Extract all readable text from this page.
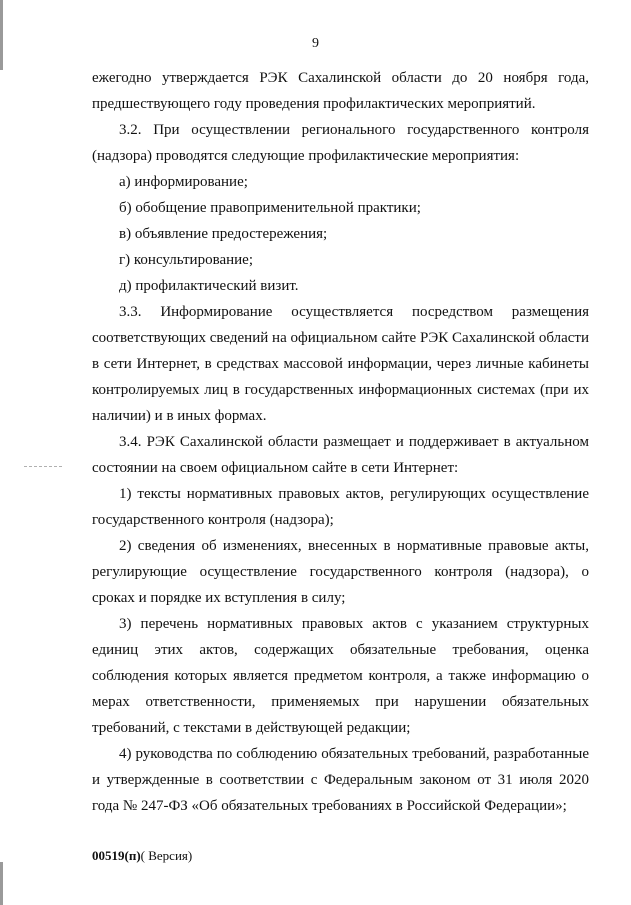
9

ежегодно утверждается РЭК Сахалинской области до 20 ноября года, предшествующего году проведения профилактических мероприятий.

3.2. При осуществлении регионального государственного контроля (надзора) проводятся следующие профилактические мероприятия:

а) информирование;

б) обобщение правоприменительной практики;

в) объявление предостережения;

г) консультирование;

д) профилактический визит.

3.3. Информирование осуществляется посредством размещения соответствующих сведений на официальном сайте РЭК Сахалинской области в сети Интернет, в средствах массовой информации, через личные кабинеты контролируемых лиц в государственных информационных системах (при их наличии) и в иных формах.

3.4. РЭК Сахалинской области размещает и поддерживает в актуальном состоянии на своем официальном сайте в сети Интернет:

1) тексты нормативных правовых актов, регулирующих осуществление государственного контроля (надзора);

2) сведения об изменениях, внесенных в нормативные правовые акты, регулирующие осуществление государственного контроля (надзора), о сроках и порядке их вступления в силу;

3) перечень нормативных правовых актов с указанием структурных единиц этих актов, содержащих обязательные требования, оценка соблюдения которых является предметом контроля, а также информацию о мерах ответственности, применяемых при нарушении обязательных требований, с текстами в действующей редакции;

4) руководства по соблюдению обязательных требований, разработанные и утвержденные в соответствии с Федеральным законом от 31 июля 2020 года № 247-ФЗ «Об обязательных требованиях в Российской Федерации»;

00519(п)( Версия)
